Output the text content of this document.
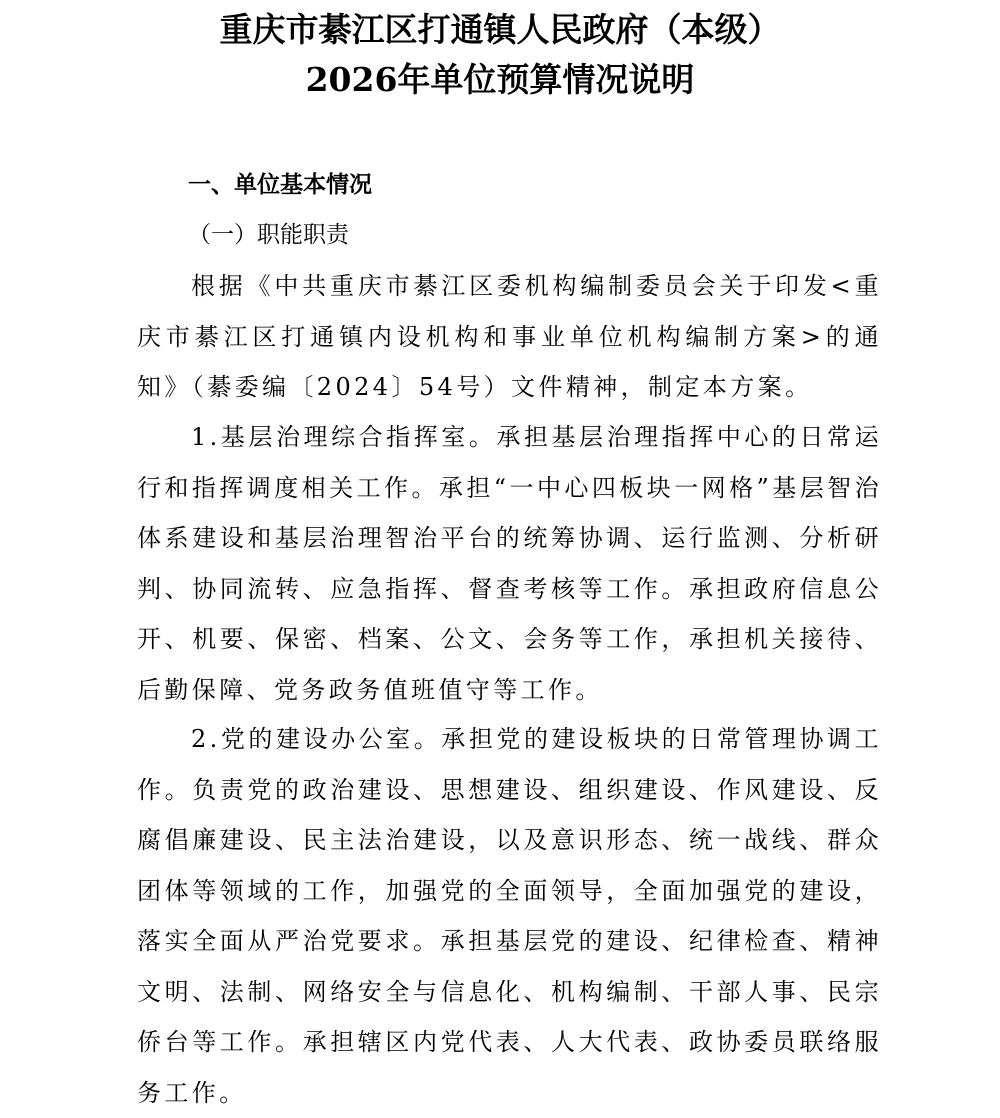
重庆市綦江区打通镇人民政府（本级）
2026年单位预算情况说明
一、单位基本情况
（一）职能职责

根据《中共重庆市綦江区委机构编制委员会关于印发<重庆市綦江区打通镇内设机构和事业单位机构编制方案>的通知》（綦委编〔2024〕54号）文件精神，制定本方案。

1.基层治理综合指挥室。承担基层治理指挥中心的日常运行和指挥调度相关工作。承担“一中心四板块一网格”基层智治体系建设和基层治理智治平台的统筹协调、运行监测、分析研判、协同流转、应急指挥、督查考核等工作。承担政府信息公开、机要、保密、档案、公文、会务等工作，承担机关接待、后勤保障、党务政务值班值守等工作。

2.党的建设办公室。承担党的建设板块的日常管理协调工作。负责党的政治建设、思想建设、组织建设、作风建设、反腐倡廉建设、民主法治建设，以及意识形态、统一战线、群众团体等领域的工作，加强党的全面领导，全面加强党的建设，落实全面从严治党要求。承担基层党的建设、纪律检查、精神文明、法制、网络安全与信息化、机构编制、干部人事、民宗侨台等工作。承担辖区内党代表、人大代表、政协委员联络服务工作。
